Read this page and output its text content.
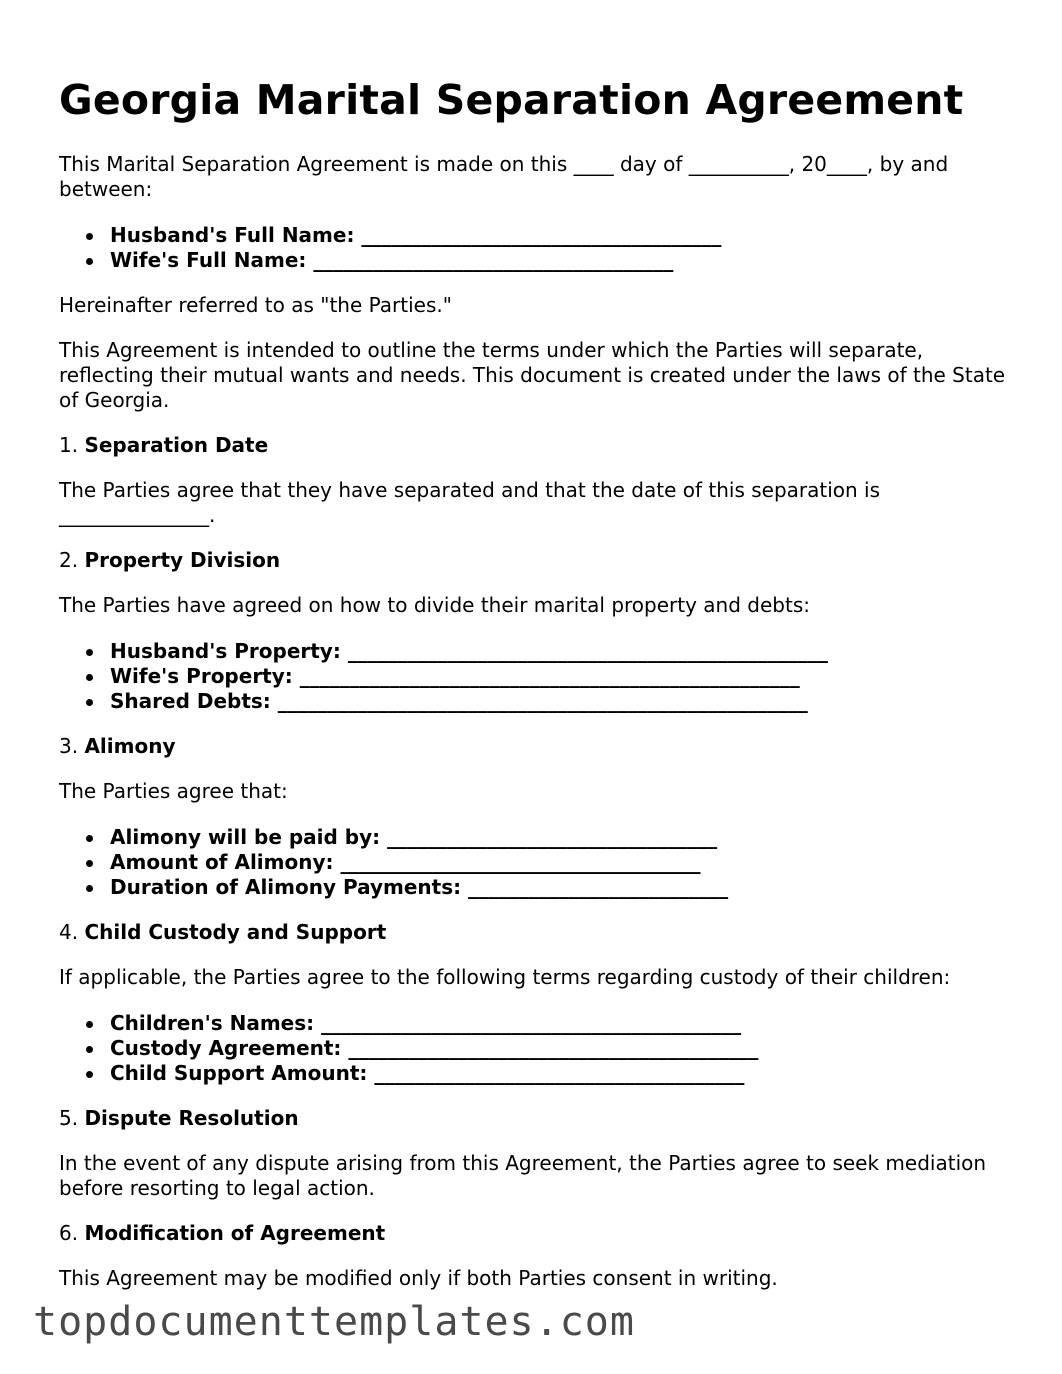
Georgia Marital Separation Agreement

This Marital Separation Agreement is made on this ____ day of __________, 20____, by and between:

Husband's Full Name: ____________________________________
Wife's Full Name: ____________________________________

Hereinafter referred to as "the Parties."

This Agreement is intended to outline the terms under which the Parties will separate, reflecting their mutual wants and needs. This document is created under the laws of the State of Georgia.

1. Separation Date

The Parties agree that they have separated and that the date of this separation is _______________.

2. Property Division

The Parties have agreed on how to divide their marital property and debts:

Husband's Property: ________________________________________________
Wife's Property: __________________________________________________
Shared Debts: _____________________________________________________
3. Alimony

The Parties agree that:

Alimony will be paid by: _________________________________
Amount of Alimony: ____________________________________
Duration of Alimony Payments: __________________________
4. Child Custody and Support

If applicable, the Parties agree to the following terms regarding custody of their children:

Children's Names: __________________________________________
Custody Agreement: _________________________________________
Child Support Amount: _____________________________________
5. Dispute Resolution

In the event of any dispute arising from this Agreement, the Parties agree to seek mediation before resorting to legal action.

6. Modification of Agreement

This Agreement may be modified only if both Parties consent in writing.

topdocumenttemplates.com
